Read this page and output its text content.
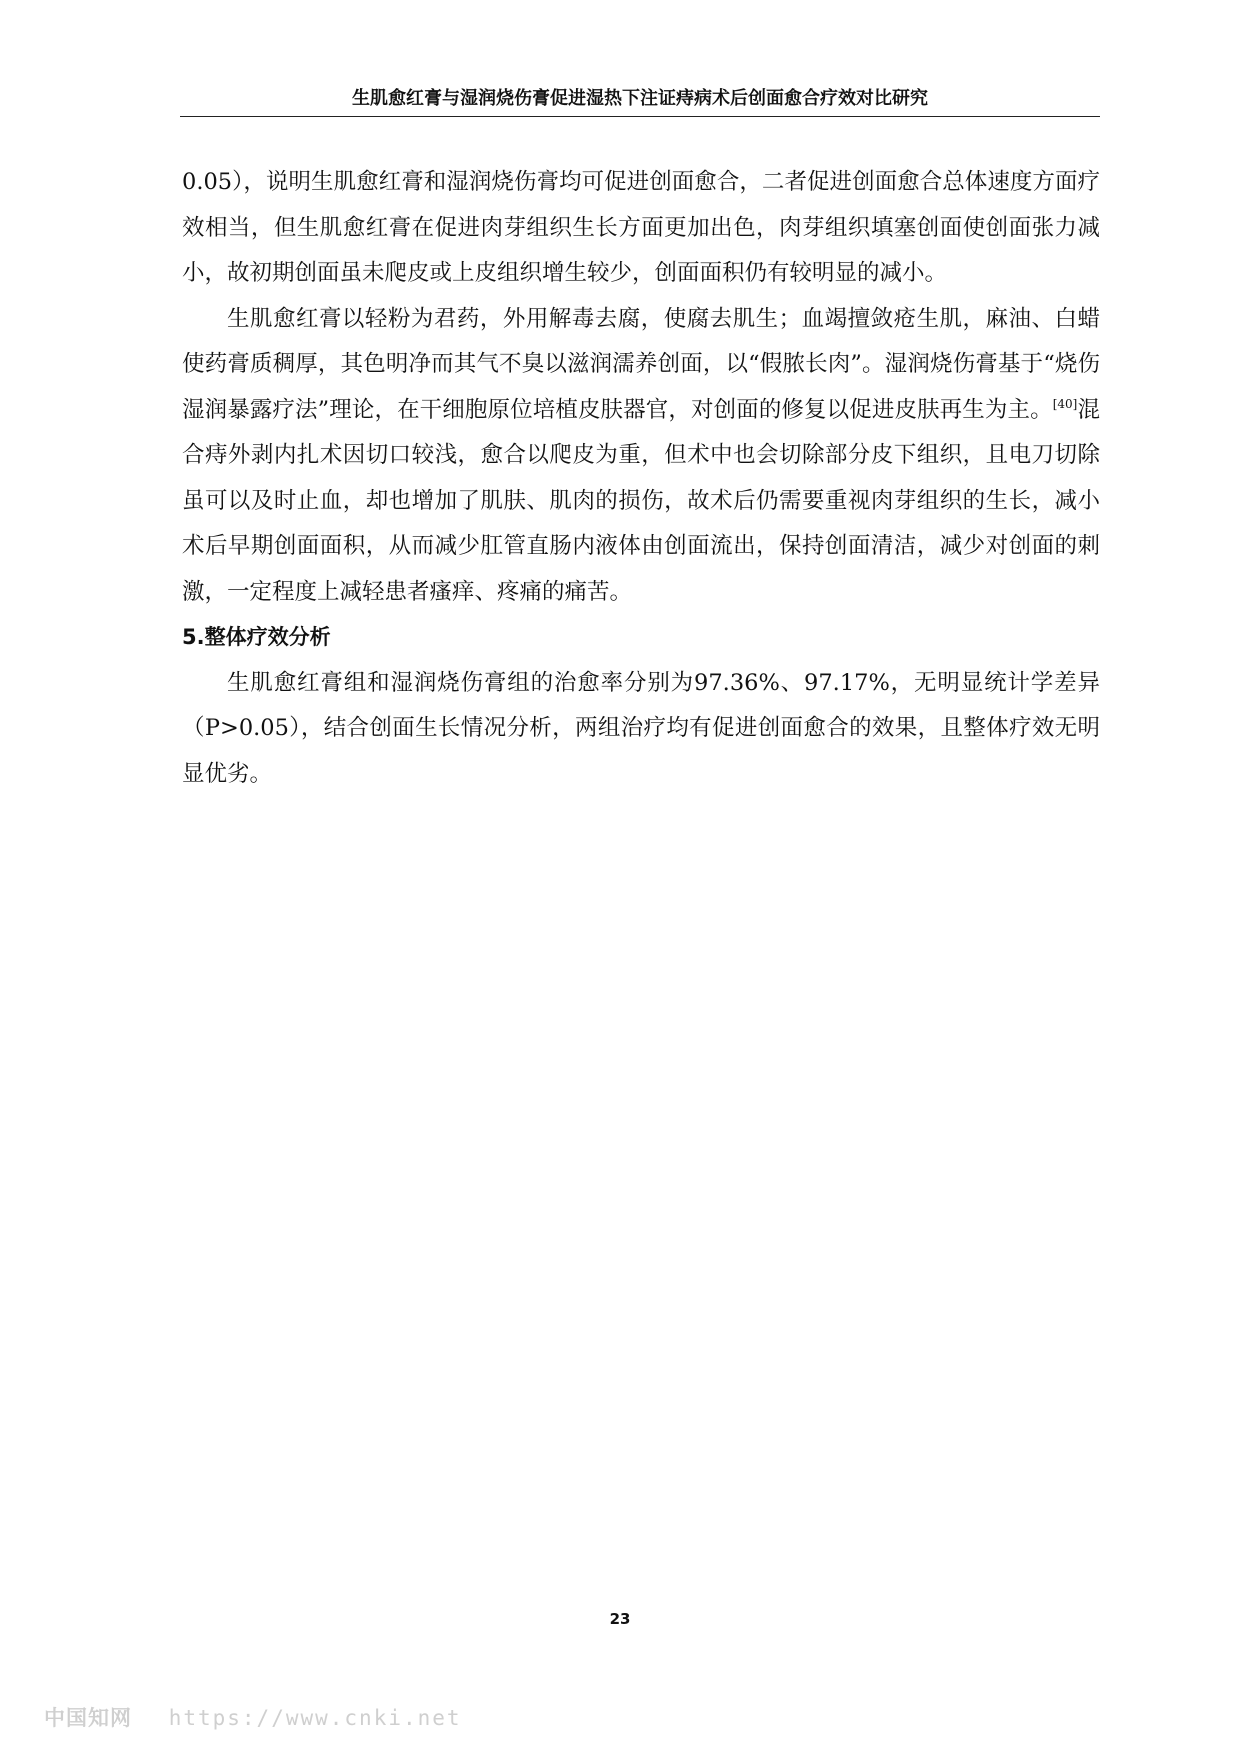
生肌愈红膏与湿润烧伤膏促进湿热下注证痔病术后创面愈合疗效对比研究

0.05），说明生肌愈红膏和湿润烧伤膏均可促进创面愈合，二者促进创面愈合总体速度方面疗效相当，但生肌愈红膏在促进肉芽组织生长方面更加出色，肉芽组织填塞创面使创面张力减小，故初期创面虽未爬皮或上皮组织增生较少，创面面积仍有较明显的减小。

生肌愈红膏以轻粉为君药，外用解毒去腐，使腐去肌生；血竭擅敛疮生肌，麻油、白蜡使药膏质稠厚，其色明净而其气不臭以滋润濡养创面，以“假脓长肉”。湿润烧伤膏基于“烧伤湿润暴露疗法”理论，在干细胞原位培植皮肤器官，对创面的修复以促进皮肤再生为主。[40]混合痔外剥内扎术因切口较浅，愈合以爬皮为重，但术中也会切除部分皮下组织，且电刀切除虽可以及时止血，却也增加了肌肤、肌肉的损伤，故术后仍需要重视肉芽组织的生长，减小术后早期创面面积，从而减少肛管直肠内液体由创面流出，保持创面清洁，减少对创面的刺激，一定程度上减轻患者瘙痒、疼痛的痛苦。

5.整体疗效分析

生肌愈红膏组和湿润烧伤膏组的治愈率分别为97.36%、97.17%，无明显统计学差异（P>0.05），结合创面生长情况分析，两组治疗均有促进创面愈合的效果，且整体疗效无明显优劣。

23
中国知网 https://www.cnki.net
